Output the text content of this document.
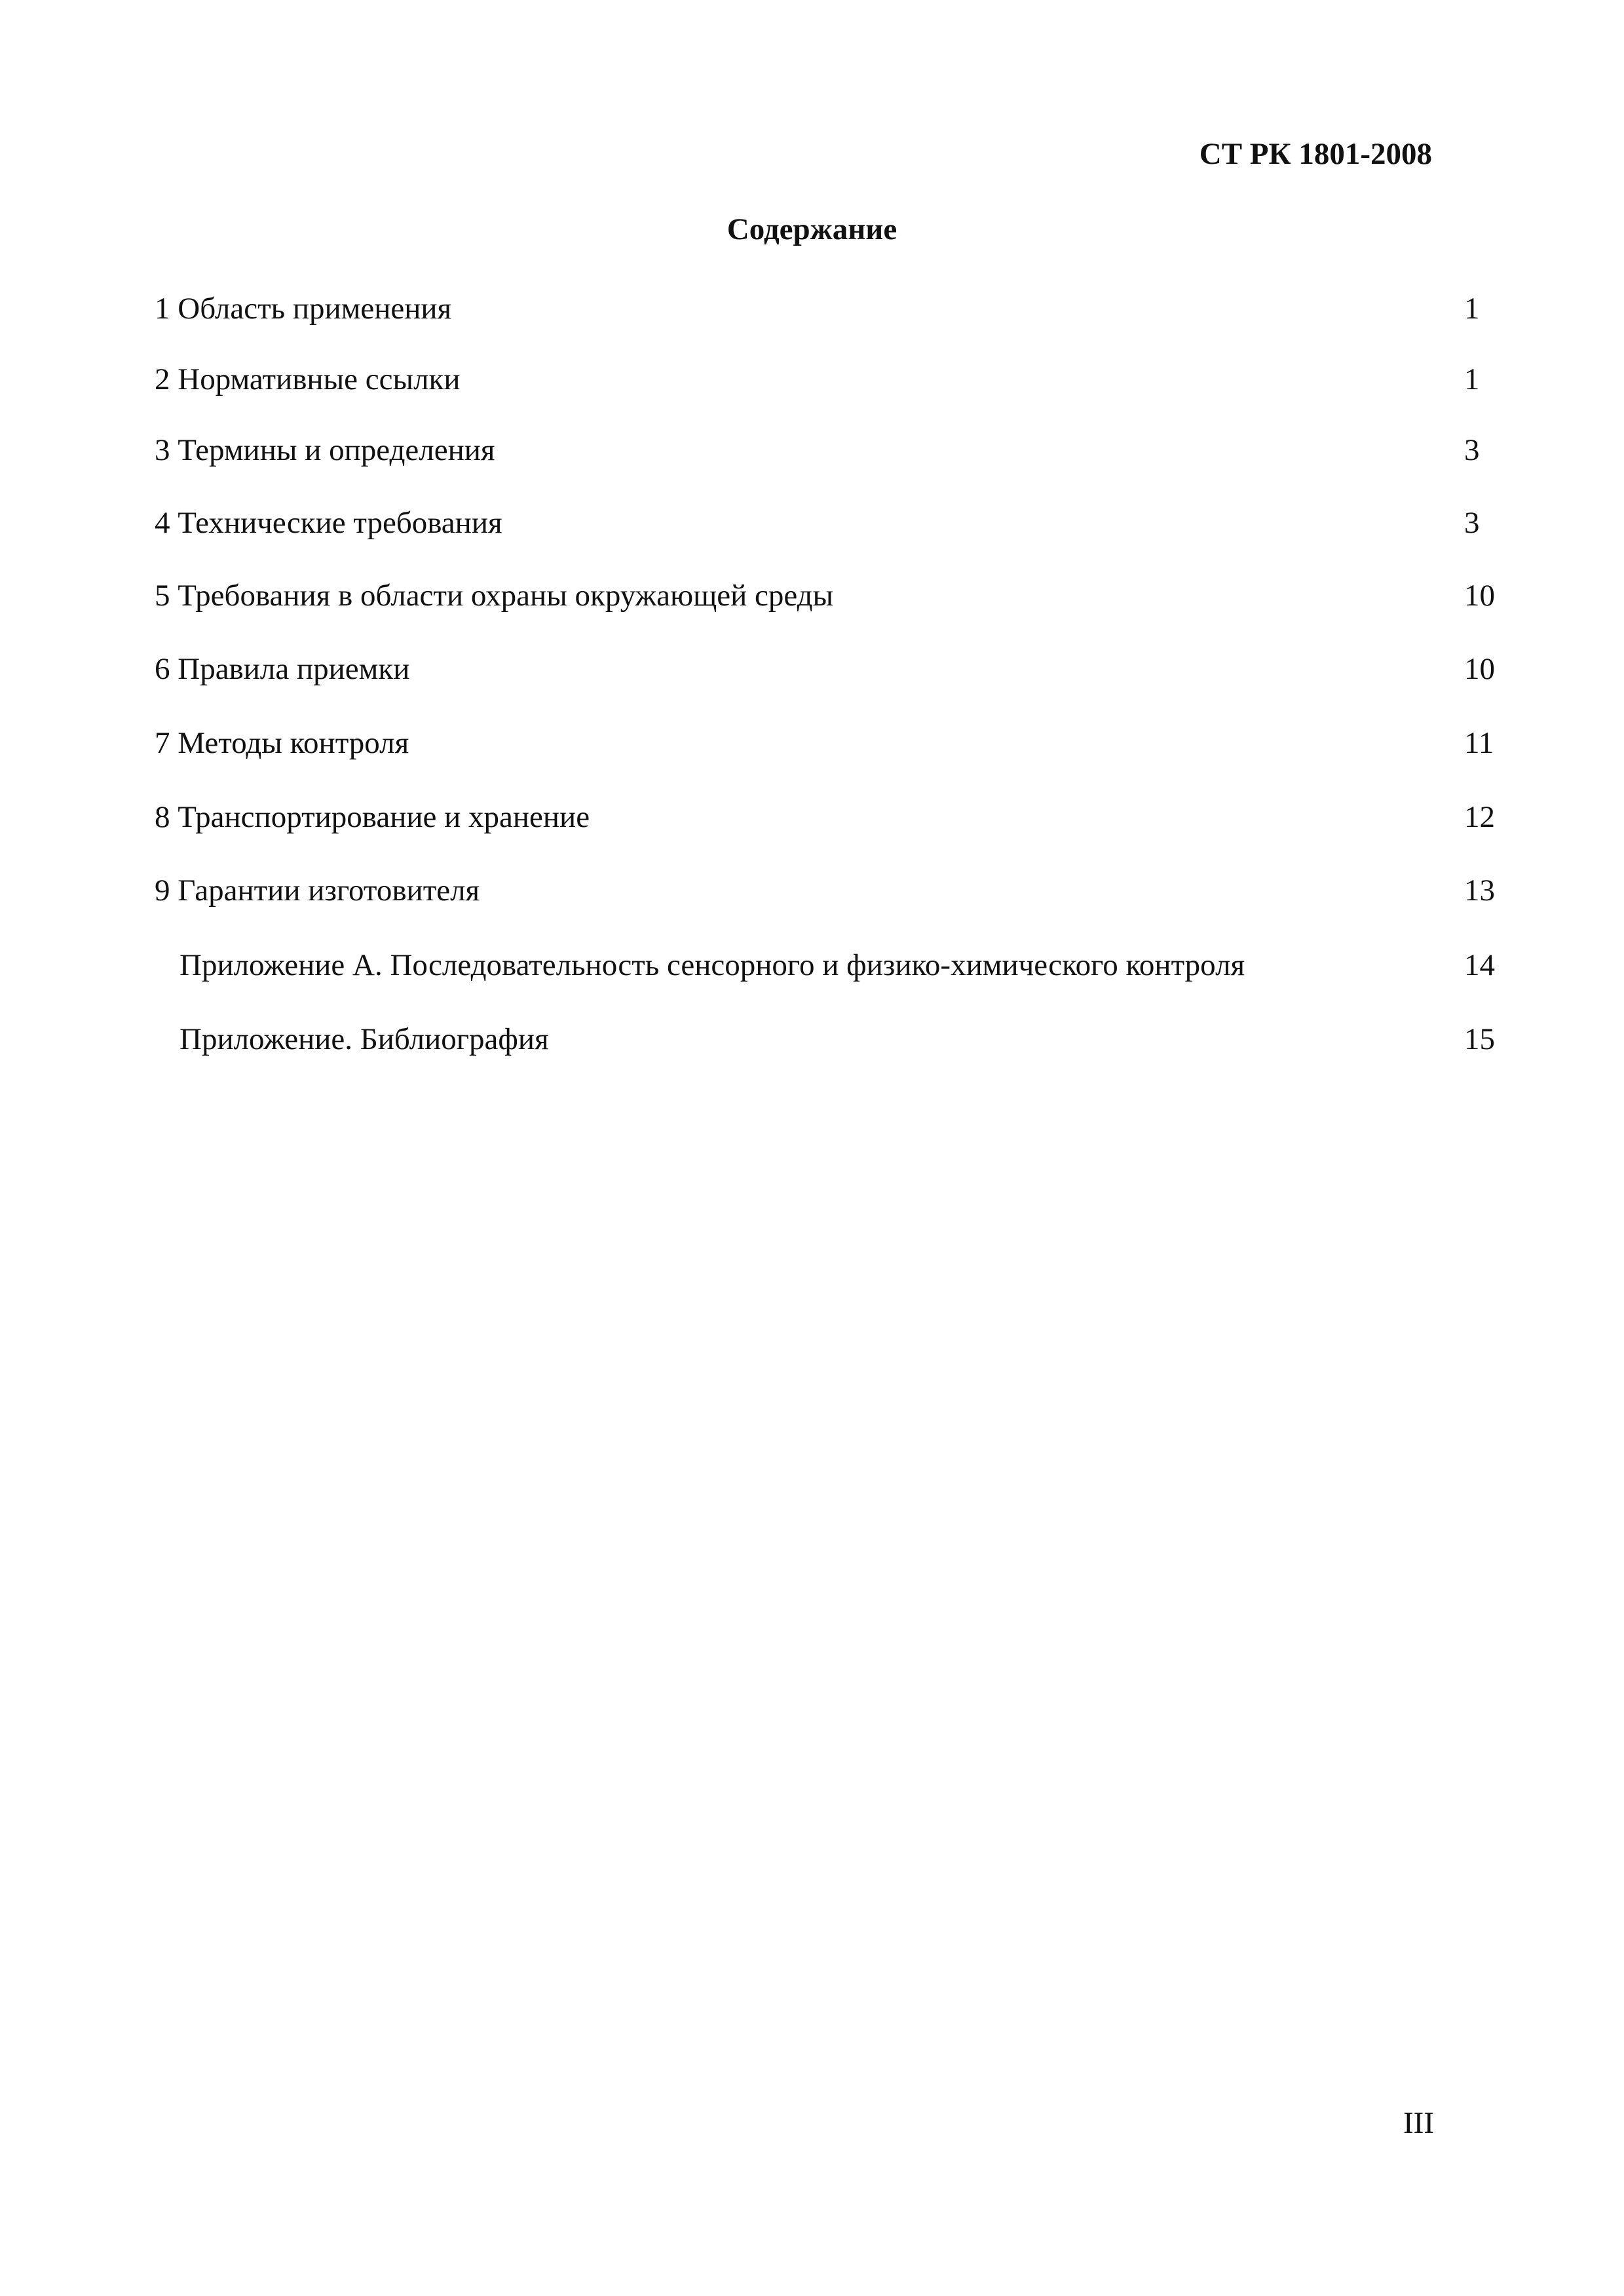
СТ РК 1801-2008
Содержание
1 Область применения	1
2 Нормативные ссылки	1
3 Термины и определения	3
4 Технические требования	3
5 Требования в области охраны окружающей среды	10
6 Правила приемки	10
7 Методы контроля	11
8 Транспортирование и хранение	12
9 Гарантии изготовителя	13
Приложение А. Последовательность сенсорного и физико-химического контроля	14
Приложение. Библиография	15
III
